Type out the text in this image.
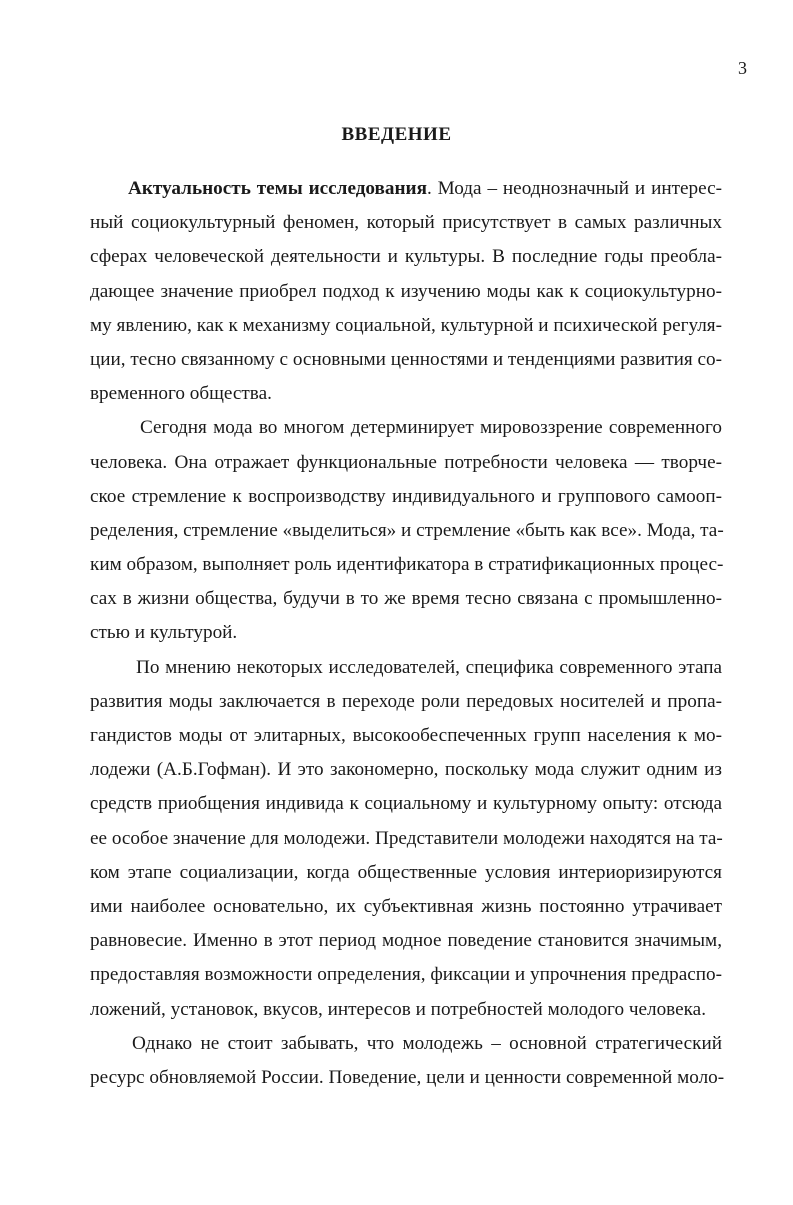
3
ВВЕДЕНИЕ
Актуальность темы исследования. Мода – неоднозначный и интерес-
ный социокультурный феномен, который присутствует в самых различных
сферах человеческой деятельности и культуры. В последние годы преобла-
дающее значение приобрел подход к изучению моды как к социокультурно-
му явлению, как к механизму социальной, культурной и психической регуля-
ции, тесно связанному с основными ценностями и тенденциями развития со-
временного общества.
Сегодня мода во многом детерминирует мировоззрение современного
человека. Она отражает функциональные потребности человека — творче-
ское стремление к воспроизводству индивидуального и группового самооп-
ределения, стремление «выделиться» и стремление «быть как все». Мода, та-
ким образом, выполняет роль идентификатора в стратификационных процес-
сах в жизни общества, будучи в то же время тесно связана с промышленно-
стью и культурой.
По мнению некоторых исследователей, специфика современного этапа
развития моды заключается в переходе роли передовых носителей и пропа-
гандистов моды от элитарных, высокообеспеченных групп населения к мо-
лодежи (А.Б.Гофман). И это закономерно, поскольку мода служит одним из
средств приобщения индивида к социальному и культурному опыту: отсюда
ее особое значение для молодежи. Представители молодежи находятся на та-
ком этапе социализации, когда общественные условия интериоризируются
ими наиболее основательно, их субъективная жизнь постоянно утрачивает
равновесие. Именно в этот период модное поведение становится значимым,
предоставляя возможности определения, фиксации и упрочнения предраспо-
ложений, установок, вкусов, интересов и потребностей молодого человека.
Однако не стоит забывать, что молодежь – основной стратегический
ресурс обновляемой России. Поведение, цели и ценности современной моло-
